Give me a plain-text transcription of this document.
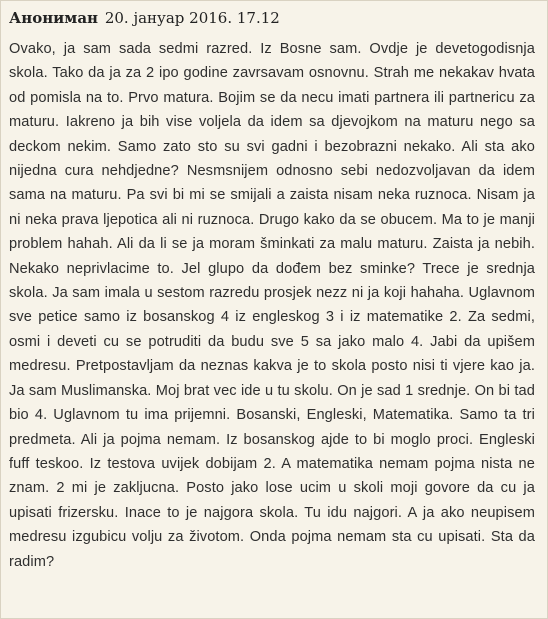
Анониман 20. јануар 2016. 17.12

Ovako, ja sam sada sedmi razred. Iz Bosne sam. Ovdje je devetogodisnja skola. Tako da ja za 2 ipo godine zavrsavam osnovnu. Strah me nekakav hvata od pomisla na to. Prvo matura. Bojim se da necu imati partnera ili partnericu za maturu. Iakreno ja bih vise voljela da idem sa djevojkom na maturu nego sa deckom nekim. Samo zato sto su svi gadni i bezobrazni nekako. Ali sta ako nijedna cura nehdjedne? Nesmsnijem odnosno sebi nedozvoljavan da idem sama na maturu. Pa svi bi mi se smijali a zaista nisam neka ruznoca. Nisam ja ni neka prava ljepotica ali ni ruznoca. Drugo kako da se obucem. Ma to je manji problem hahah. Ali da li se ja moram šminkati za malu maturu. Zaista ja nebih. Nekako neprivlacime to. Jel glupo da dođem bez sminke? Trece je srednja skola. Ja sam imala u sestom razredu prosjek nezz ni ja koji hahaha. Uglavnom sve petice samo iz bosanskog 4 iz engleskog 3 i iz matematike 2. Za sedmi, osmi i deveti cu se potruditi da budu sve 5 sa jako malo 4. Jabi da upišem medresu. Pretpostavljam da neznas kakva je to skola posto nisi ti vjere kao ja. Ja sam Muslimanska. Moj brat vec ide u tu skolu. On je sad 1 srednje. On bi tad bio 4. Uglavnom tu ima prijemni. Bosanski, Engleski, Matematika. Samo ta tri predmeta. Ali ja pojma nemam. Iz bosanskog ajde to bi moglo proci. Engleski fuff teskoo. Iz testova uvijek dobijam 2. A matematika nemam pojma nista ne znam. 2 mi je zakljucna. Posto jako lose ucim u skoli moji govore da cu ja upisati frizersku. Inace to je najgora skola. Tu idu najgori. A ja ako neupisem medresu izgubicu volju za životom. Onda pojma nemam sta cu upisati. Sta da radim?
